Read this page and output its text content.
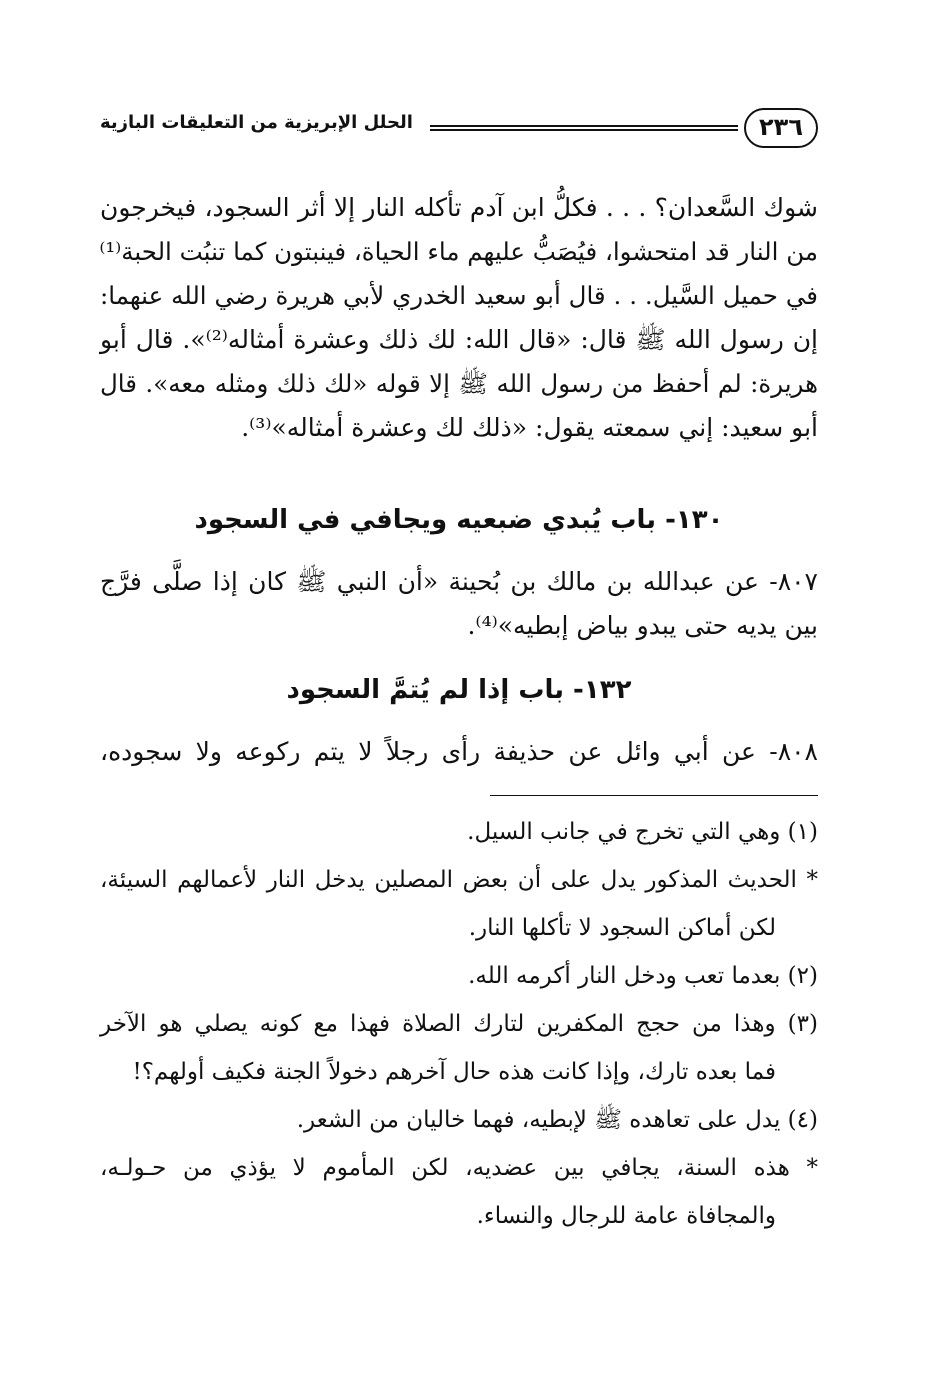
٢٣٦
الحلل الإبريزية من التعليقات البازية
شوك السَّعدان؟ . . . فكلُّ ابن آدم تأكله النار إلا أثر السجود، فيخرجون
من النار قد امتحشوا، فيُصَبُّ عليهم ماء الحياة، فينبتون كما تنبُت الحبة⁽¹⁾
في حميل السَّيل. . . قال أبو سعيد الخدري لأبي هريرة رضي الله عنهما:
إن رسول الله ﷺ قال: «قال الله: لك ذلك وعشرة أمثاله⁽²⁾». قال أبو
هريرة: لم أحفظ من رسول الله ﷺ إلا قوله «لك ذلك ومثله معه». قال
أبو سعيد: إني سمعته يقول: «ذلك لك وعشرة أمثاله»⁽³⁾.
١٣٠- باب يُبدي ضبعيه ويجافي في السجود
٨٠٧- عن عبدالله بن مالك بن بُحينة «أن النبي ﷺ كان إذا صلَّى فرَّج
بين يديه حتى يبدو بياض إبطيه»⁽⁴⁾.
١٣٢- باب إذا لم يُتمَّ السجود
٨٠٨- عن أبي وائل عن حذيفة رأى رجلاً لا يتم ركوعه ولا سجوده،
(١) وهي التي تخرج في جانب السيل.
* الحديث المذكور يدل على أن بعض المصلين يدخل النار لأعمالهم السيئة،
لكن أماكن السجود لا تأكلها النار.
(٢) بعدما تعب ودخل النار أكرمه الله.
(٣) وهذا من حجج المكفرين لتارك الصلاة فهذا مع كونه يصلي هو الآخر
فما بعده تارك، وإذا كانت هذه حال آخرهم دخولاً الجنة فكيف أولهم؟!
(٤) يدل على تعاهده ﷺ لإبطيه، فهما خاليان من الشعر.
* هذه السنة، يجافي بين عضديه، لكن المأموم لا يؤذي من حـولـه،
والمجافاة عامة للرجال والنساء.
